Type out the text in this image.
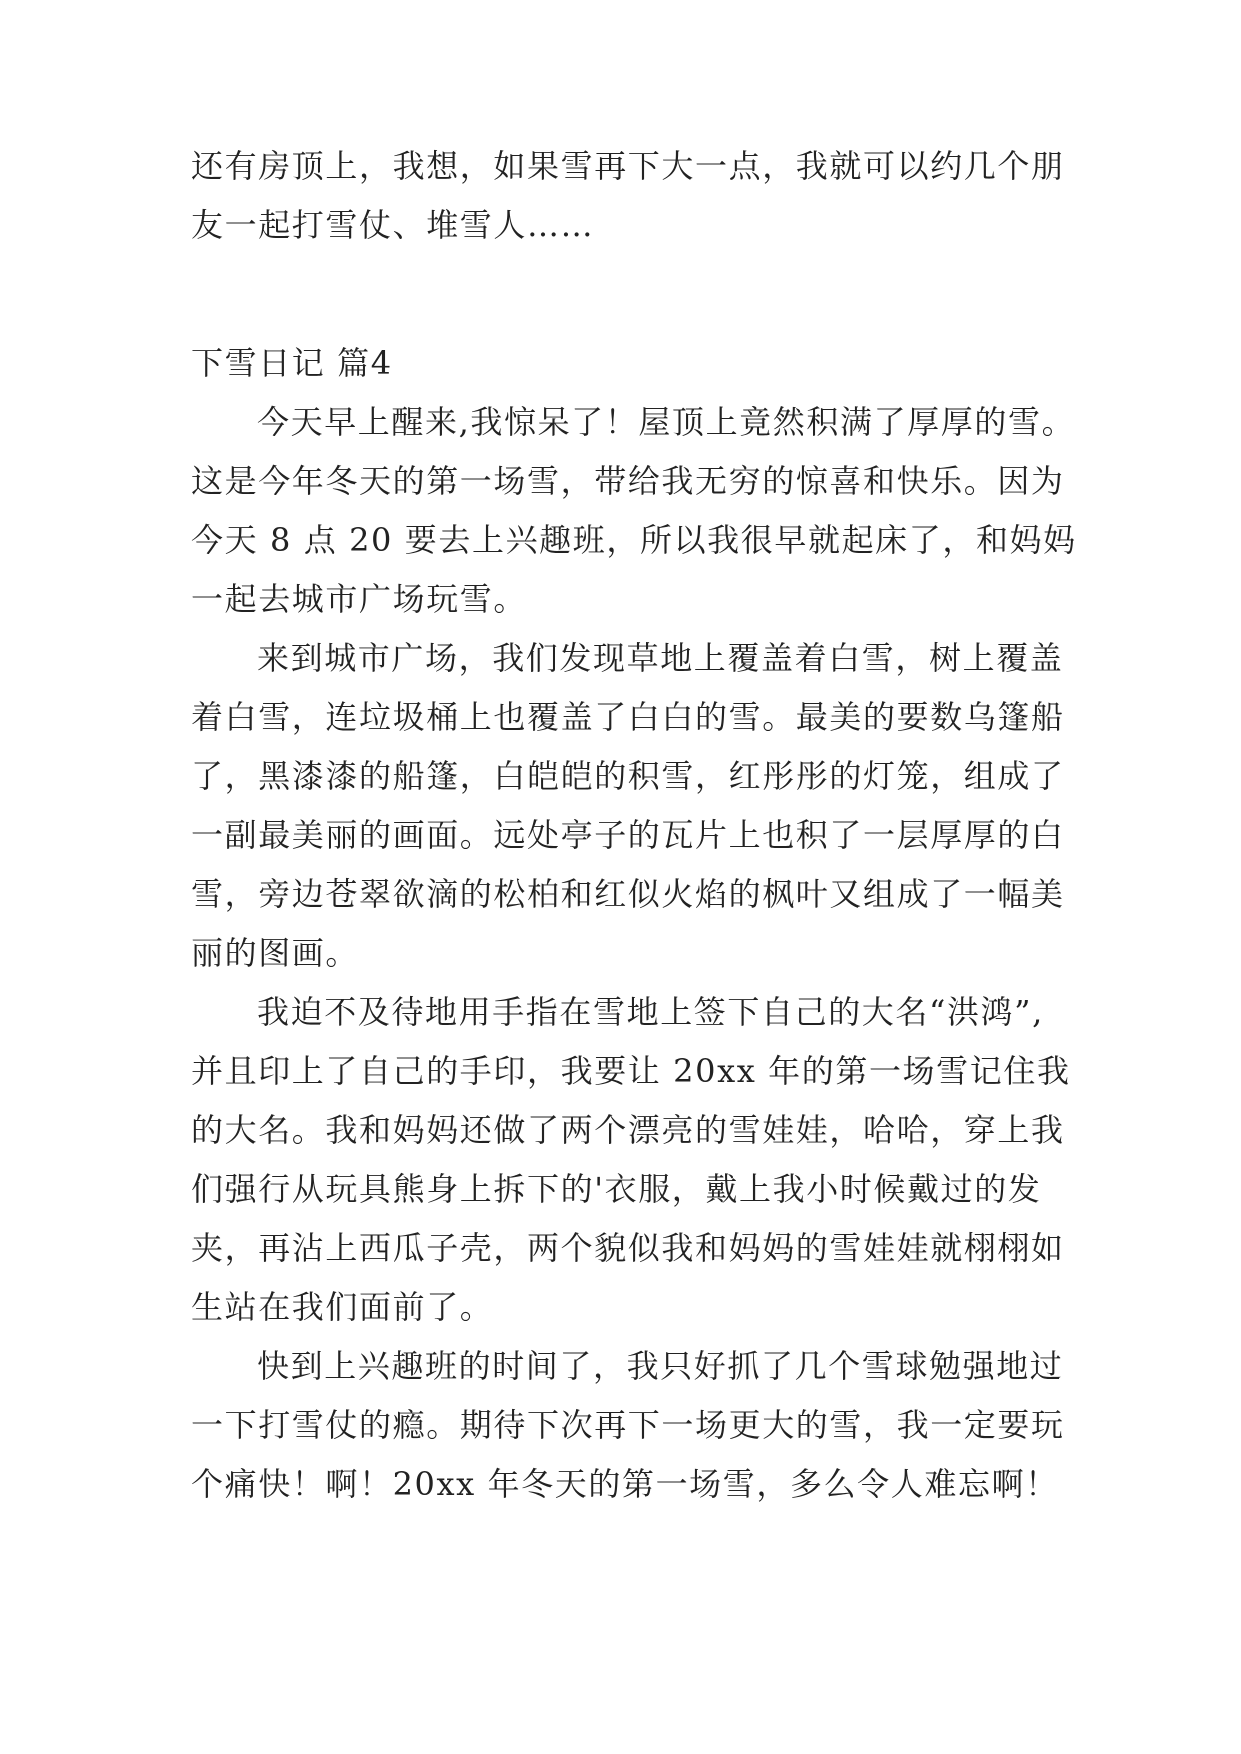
还有房顶上，我想，如果雪再下大一点，我就可以约几个朋
友一起打雪仗、堆雪人……
下雪日记 篇4
今天早上醒来,我惊呆了！屋顶上竟然积满了厚厚的雪。
这是今年冬天的第一场雪，带给我无穷的惊喜和快乐。因为
今天 8 点 20 要去上兴趣班，所以我很早就起床了，和妈妈
一起去城市广场玩雪。
来到城市广场，我们发现草地上覆盖着白雪，树上覆盖
着白雪，连垃圾桶上也覆盖了白白的雪。最美的要数乌篷船
了，黑漆漆的船篷，白皑皑的积雪，红彤彤的灯笼，组成了
一副最美丽的画面。远处亭子的瓦片上也积了一层厚厚的白
雪，旁边苍翠欲滴的松柏和红似火焰的枫叶又组成了一幅美
丽的图画。
我迫不及待地用手指在雪地上签下自己的大名“洪鸿”,
并且印上了自己的手印，我要让 20xx 年的第一场雪记住我
的大名。我和妈妈还做了两个漂亮的雪娃娃，哈哈，穿上我
们强行从玩具熊身上拆下的'衣服，戴上我小时候戴过的发
夹，再沾上西瓜子壳，两个貌似我和妈妈的雪娃娃就栩栩如
生站在我们面前了。
快到上兴趣班的时间了，我只好抓了几个雪球勉强地过
一下打雪仗的瘾。期待下次再下一场更大的雪，我一定要玩
个痛快！啊！20xx 年冬天的第一场雪，多么令人难忘啊！
